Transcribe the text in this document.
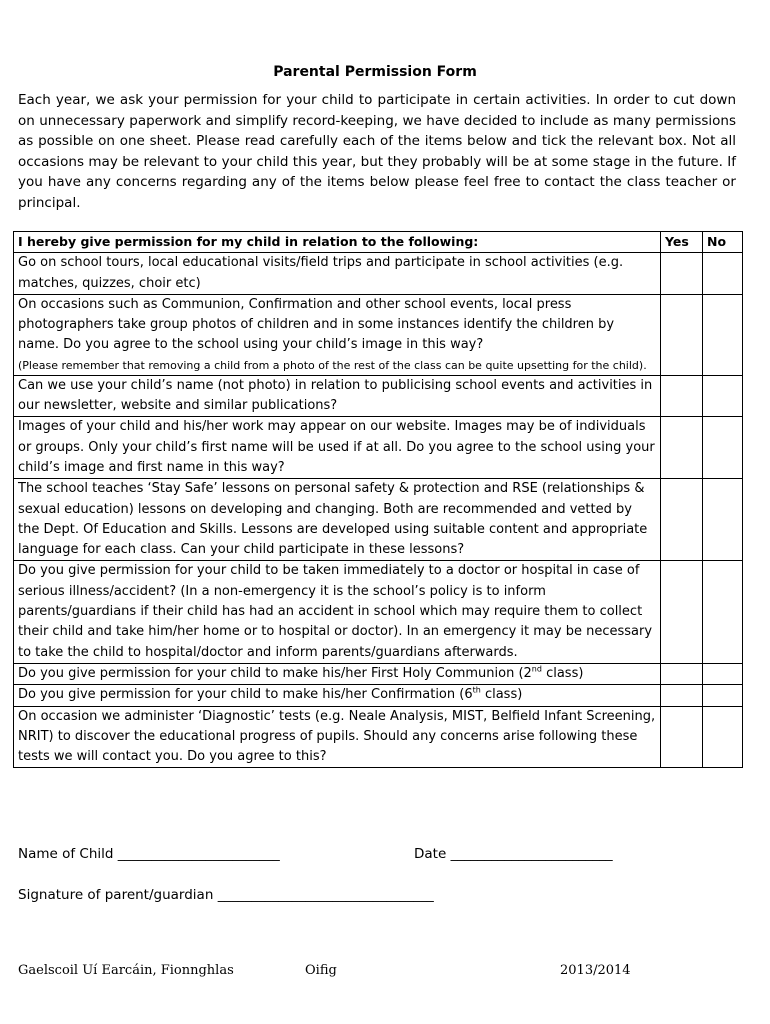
Parental Permission Form
Each year, we ask your permission for your child to participate in certain activities. In order to cut down on unnecessary paperwork and simplify record-keeping, we have decided to include as many permissions as possible on one sheet. Please read carefully each of the items below and tick the relevant box. Not all occasions may be relevant to your child this year, but they probably will be at some stage in the future. If you have any concerns regarding any of the items below please feel free to contact the class teacher or principal.
I hereby give permission for my child in relation to the following:	Yes	No
Go on school tours, local educational visits/field trips and participate in school activities (e.g. matches, quizzes, choir etc)		
On occasions such as Communion, Confirmation and other school events, local press photographers take group photos of children and in some instances identify the children by name. Do you agree to the school using your child’s image in this way?
(Please remember that removing a child from a photo of the rest of the class can be quite upsetting for the child).		

Can we use your child’s name (not photo) in relation to publicising school events and activities in our newsletter, website and similar publications?		
Images of your child and his/her work may appear on our website. Images may be of individuals or groups. Only your child’s first name will be used if at all. Do you agree to the school using your child’s image and first name in this way?		
The school teaches ‘Stay Safe’ lessons on personal safety & protection and RSE (relationships & sexual education) lessons on developing and changing. Both are recommended and vetted by the Dept. Of Education and Skills. Lessons are developed using suitable content and appropriate language for each class. Can your child participate in these lessons?		
Do you give permission for your child to be taken immediately to a doctor or hospital in case of serious illness/accident? (In a non-emergency it is the school’s policy is to inform parents/guardians if their child has had an accident in school which may require them to collect their child and take him/her home or to hospital or doctor). In an emergency it may be necessary to take the child to hospital/doctor and inform parents/guardians afterwards.		
Do you give permission for your child to make his/her First Holy Communion (2nd class)		
Do you give permission for your child to make his/her Confirmation (6th class)		
On occasion we administer ‘Diagnostic’ tests (e.g. Neale Analysis, MIST, Belfield Infant Screening, NRIT) to discover the educational progress of pupils. Should any concerns arise following these tests we will contact you. Do you agree to this?		
Name of Child ________________________	Date ________________________
Signature of parent/guardian ________________________________
Gaelscoil Uí Earcáin, Fionnghlas	Oifig	2013/2014
